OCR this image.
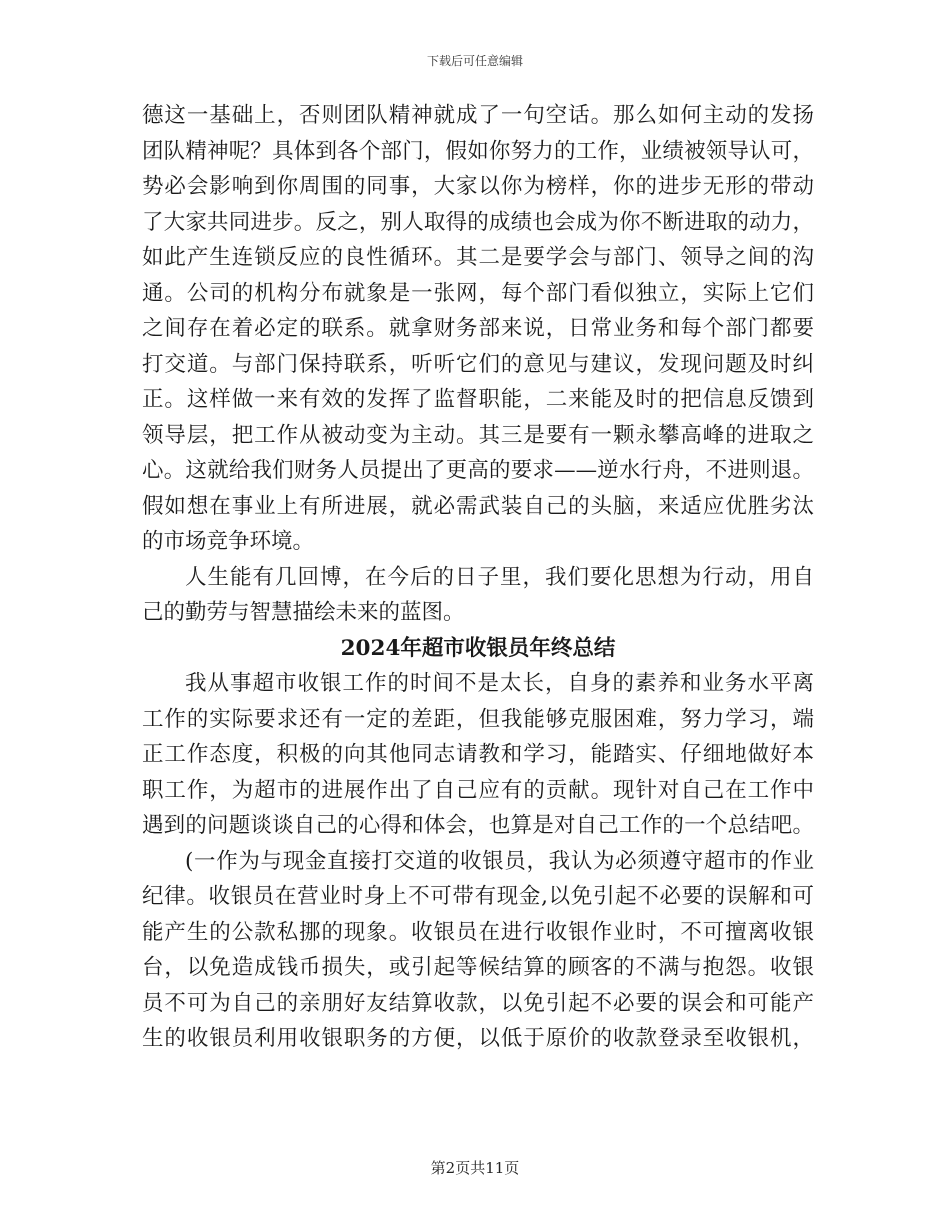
下载后可任意编辑
德这一基础上，否则团队精神就成了一句空话。那么如何主动的发扬
团队精神呢？具体到各个部门，假如你努力的工作，业绩被领导认可，
势必会影响到你周围的同事，大家以你为榜样，你的进步无形的带动
了大家共同进步。反之，别人取得的成绩也会成为你不断进取的动力，
如此产生连锁反应的良性循环。其二是要学会与部门、领导之间的沟
通。公司的机构分布就象是一张网，每个部门看似独立，实际上它们
之间存在着必定的联系。就拿财务部来说，日常业务和每个部门都要
打交道。与部门保持联系，听听它们的意见与建议，发现问题及时纠
正。这样做一来有效的发挥了监督职能，二来能及时的把信息反馈到
领导层，把工作从被动变为主动。其三是要有一颗永攀高峰的进取之
心。这就给我们财务人员提出了更高的要求——逆水行舟，不进则退。
假如想在事业上有所进展，就必需武装自己的头脑，来适应优胜劣汰
的市场竞争环境。
人生能有几回博，在今后的日子里，我们要化思想为行动，用自
己的勤劳与智慧描绘未来的蓝图。
2024年超市收银员年终总结
我从事超市收银工作的时间不是太长，自身的素养和业务水平离
工作的实际要求还有一定的差距，但我能够克服困难，努力学习，端
正工作态度，积极的向其他同志请教和学习，能踏实、仔细地做好本
职工作，为超市的进展作出了自己应有的贡献。现针对自己在工作中
遇到的问题谈谈自己的心得和体会，也算是对自己工作的一个总结吧。
(一作为与现金直接打交道的收银员，我认为必须遵守超市的作业
纪律。收银员在营业时身上不可带有现金,以免引起不必要的误解和可
能产生的公款私挪的现象。收银员在进行收银作业时，不可擅离收银
台，以免造成钱币损失，或引起等候结算的顾客的不满与抱怨。收银
员不可为自己的亲朋好友结算收款，以免引起不必要的误会和可能产
生的收银员利用收银职务的方便，以低于原价的收款登录至收银机，
第2页共11页
